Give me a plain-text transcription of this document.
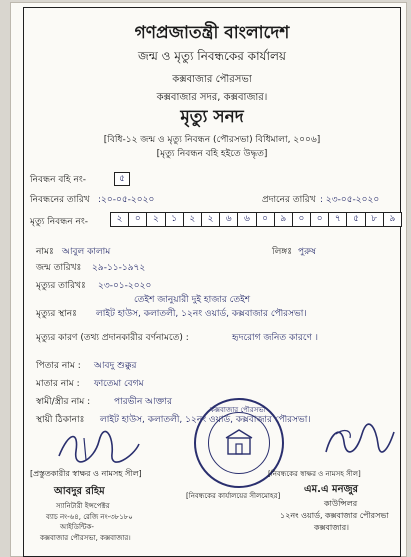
গণপ্রজাতন্ত্রী বাংলাদেশ
জন্ম ও মৃত্যু নিবন্ধকের কার্যালয়
কক্সবাজার পৌরসভা
কক্সবাজার সদর, কক্সবাজার।
মৃত্যু সনদ
[বিধি-১২ জন্ম ও মৃত্যু নিবন্ধন (পৌরসভা) বিধিমালা, ২০০৬]
[মৃত্যু নিবন্ধন বহি হইতে উদ্ধৃত]
নিবন্ধন বহি নং-	৫
নিবন্ধনের তারিখ :২০-০৫-২০২০	প্রদানের তারিখ : ২৩-০৫-২০২০
মৃত্যু নিবন্ধন নং-	২	০	২	১	২	২	৬	৬	০	৯	০	০	৭	৫	৮	৯
নামঃ আবুল কালাম	লিঙ্গঃ পুরুষ
জন্ম তারিখঃ ২৯-১১-১৯৭২
মৃত্যুর তারিখঃ ২৩-০১-২০২০
তেইশ জানুয়ারী দুই হাজার তেইশ
মৃত্যুর স্থানঃ লাইট হাউস, কলাতলী, ১২নং ওয়ার্ড, কক্সবাজার পৌরসভা।
মৃত্যুর কারণ (তথ্য প্রদানকারীর বর্ণনামতে) :	হৃদরোগ জনিত কারণে ।
পিতার নাম : আবদু শুক্কুর
মাতার নাম : ফাতেমা বেগম
স্বামী/স্ত্রীর নাম :	পারভীন আক্তার
স্থায়ী ঠিকানাঃ লাইট হাউস, কলাতলী, ১২নং ওয়ার্ড, কক্সবাজার পৌরসভা।
[প্রস্তুতকারীর স্বাক্ষর ও নামসহ সীল]
আবদুর রহিম
স্যানিটারী ইন্সপেক্টর
ব্যাচ নং-৬৪, রেজি নং-৩৮১৮০
আইডিন্টিক-
কক্সবাজার পৌরসভা, কক্সবাজার।
কক্সবাজার পৌরসভা
[নিবন্ধকের কার্যালয়ের সীলমোহর]
[নিবন্ধকের স্বাক্ষর ও নামসহ সীল]
এম.এ মনজুর
কাউন্সিলর
১২নং ওয়ার্ড, কক্সবাজার পৌরসভা
কক্সবাজার।
